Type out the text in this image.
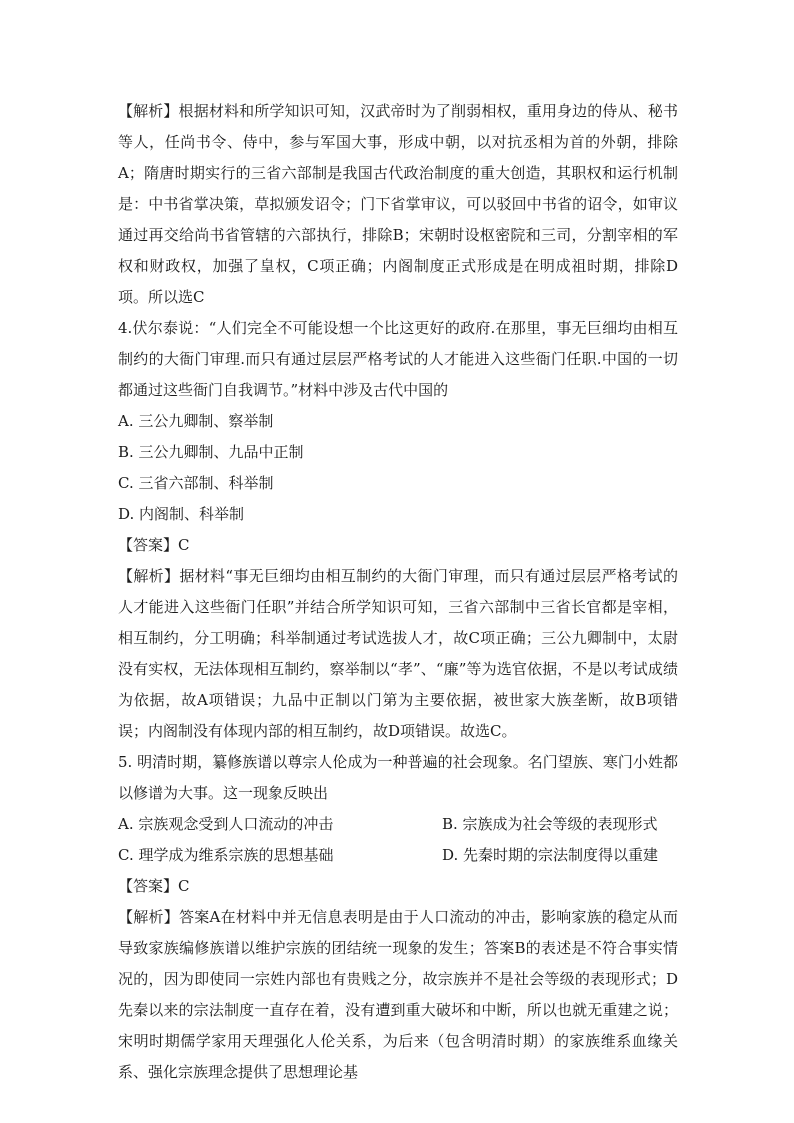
【解析】根据材料和所学知识可知，汉武帝时为了削弱相权，重用身边的侍从、秘书等人，任尚书令、侍中，参与军国大事，形成中朝，以对抗丞相为首的外朝，排除A；隋唐时期实行的三省六部制是我国古代政治制度的重大创造，其职权和运行机制是：中书省掌决策，草拟颁发诏令；门下省掌审议，可以驳回中书省的诏令，如审议通过再交给尚书省管辖的六部执行，排除B；宋朝时设枢密院和三司，分割宰相的军权和财政权，加强了皇权，C项正确；内阁制度正式形成是在明成祖时期，排除D项。所以选C

4.伏尔泰说：“人们完全不可能设想一个比这更好的政府.在那里，事无巨细均由相互制约的大衙门审理.而只有通过层层严格考试的人才能进入这些衙门任职.中国的一切都通过这些衙门自我调节。”材料中涉及古代中国的

A. 三公九卿制、察举制

B. 三公九卿制、九品中正制

C. 三省六部制、科举制

D. 内阁制、科举制

【答案】C

【解析】据材料“事无巨细均由相互制约的大衙门审理，而只有通过层层严格考试的人才能进入这些衙门任职”并结合所学知识可知，三省六部制中三省长官都是宰相，相互制约，分工明确；科举制通过考试选拔人才，故C项正确；三公九卿制中，太尉没有实权，无法体现相互制约，察举制以“孝”、“廉”等为选官依据，不是以考试成绩为依据，故A项错误；九品中正制以门第为主要依据，被世家大族垄断，故B项错误；内阁制没有体现内部的相互制约，故D项错误。故选C。

5. 明清时期，纂修族谱以尊宗人伦成为一种普遍的社会现象。名门望族、寒门小姓都以修谱为大事。这一现象反映出

A. 宗族观念受到人口流动的冲击	B. 宗族成为社会等级的表现形式
C. 理学成为维系宗族的思想基础	D. 先秦时期的宗法制度得以重建

【答案】C

【解析】答案A在材料中并无信息表明是由于人口流动的冲击，影响家族的稳定从而导致家族编修族谱以维护宗族的团结统一现象的发生；答案B的表述是不符合事实情况的，因为即使同一宗姓内部也有贵贱之分，故宗族并不是社会等级的表现形式；D先秦以来的宗法制度一直存在着，没有遭到重大破坏和中断，所以也就无重建之说；宋明时期儒学家用天理强化人伦关系，为后来（包含明清时期）的家族维系血缘关系、强化宗族理念提供了思想理论基
